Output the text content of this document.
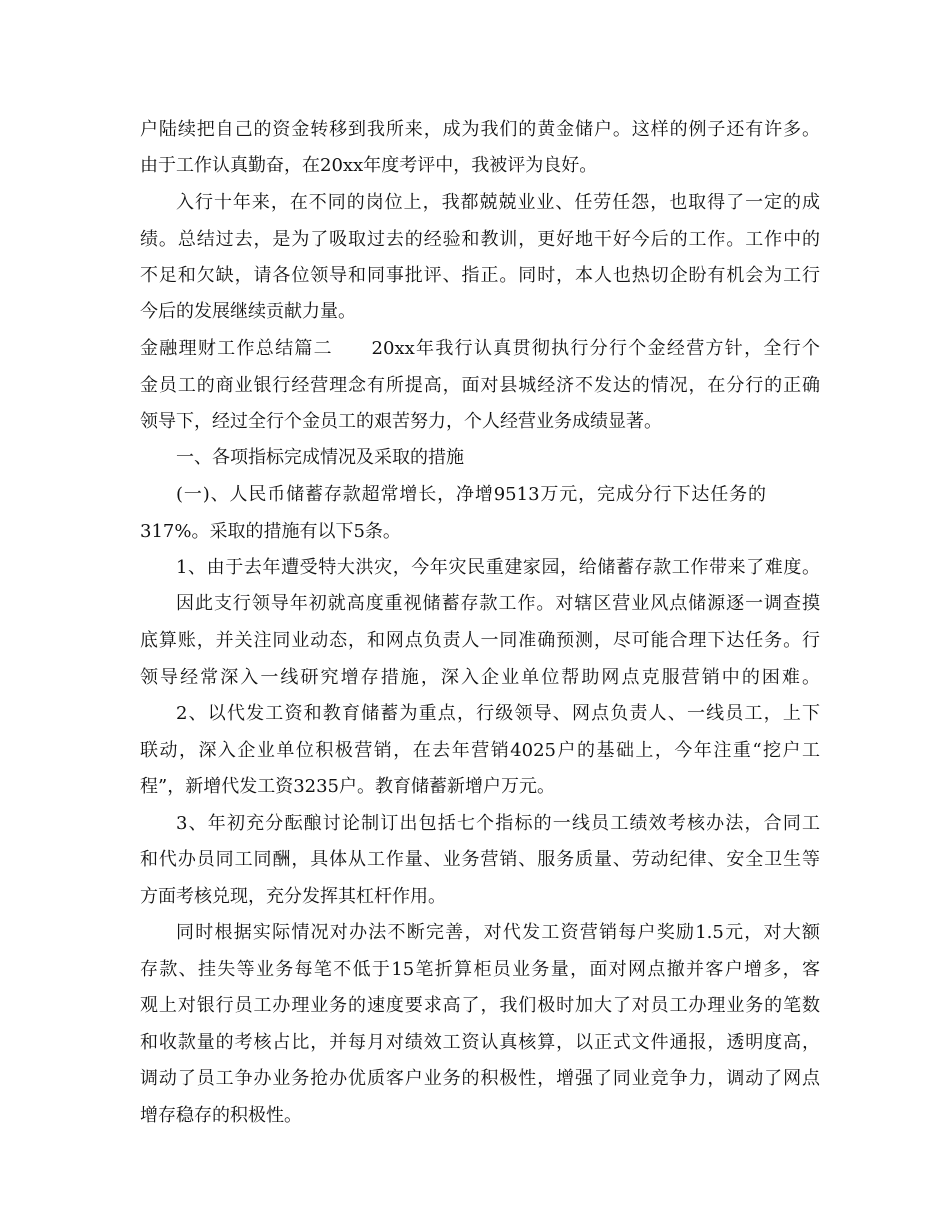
户陆续把自己的资金转移到我所来，成为我们的黄金储户。这样的例子还有许多。
由于工作认真勤奋，在20xx年度考评中，我被评为良好。
入行十年来，在不同的岗位上，我都兢兢业业、任劳任怨，也取得了一定的成
绩。总结过去，是为了吸取过去的经验和教训，更好地干好今后的工作。工作中的
不足和欠缺，请各位领导和同事批评、指正。同时，本人也热切企盼有机会为工行
今后的发展继续贡献力量。
金融理财工作总结篇二　　20xx年我行认真贯彻执行分行个金经营方针，全行个
金员工的商业银行经营理念有所提高，面对县城经济不发达的情况，在分行的正确
领导下，经过全行个金员工的艰苦努力，个人经营业务成绩显著。
一、各项指标完成情况及采取的措施
(一)、人民币储蓄存款超常增长，净增9513万元，完成分行下达任务的
317%。采取的措施有以下5条。
1、由于去年遭受特大洪灾，今年灾民重建家园，给储蓄存款工作带来了难度。
因此支行领导年初就高度重视储蓄存款工作。对辖区营业风点储源逐一调查摸
底算账，并关注同业动态，和网点负责人一同准确预测，尽可能合理下达任务。行
领导经常深入一线研究增存措施，深入企业单位帮助网点克服营销中的困难。
2、以代发工资和教育储蓄为重点，行级领导、网点负责人、一线员工，上下
联动，深入企业单位积极营销，在去年营销4025户的基础上，今年注重“挖户工
程”，新增代发工资3235户。教育储蓄新增户万元。
3、年初充分酝酿讨论制订出包括七个指标的一线员工绩效考核办法，合同工
和代办员同工同酬，具体从工作量、业务营销、服务质量、劳动纪律、安全卫生等
方面考核兑现，充分发挥其杠杆作用。
同时根据实际情况对办法不断完善，对代发工资营销每户奖励1.5元，对大额
存款、挂失等业务每笔不低于15笔折算柜员业务量，面对网点撤并客户增多，客
观上对银行员工办理业务的速度要求高了，我们极时加大了对员工办理业务的笔数
和收款量的考核占比，并每月对绩效工资认真核算，以正式文件通报，透明度高，
调动了员工争办业务抢办优质客户业务的积极性，增强了同业竞争力，调动了网点
增存稳存的积极性。
